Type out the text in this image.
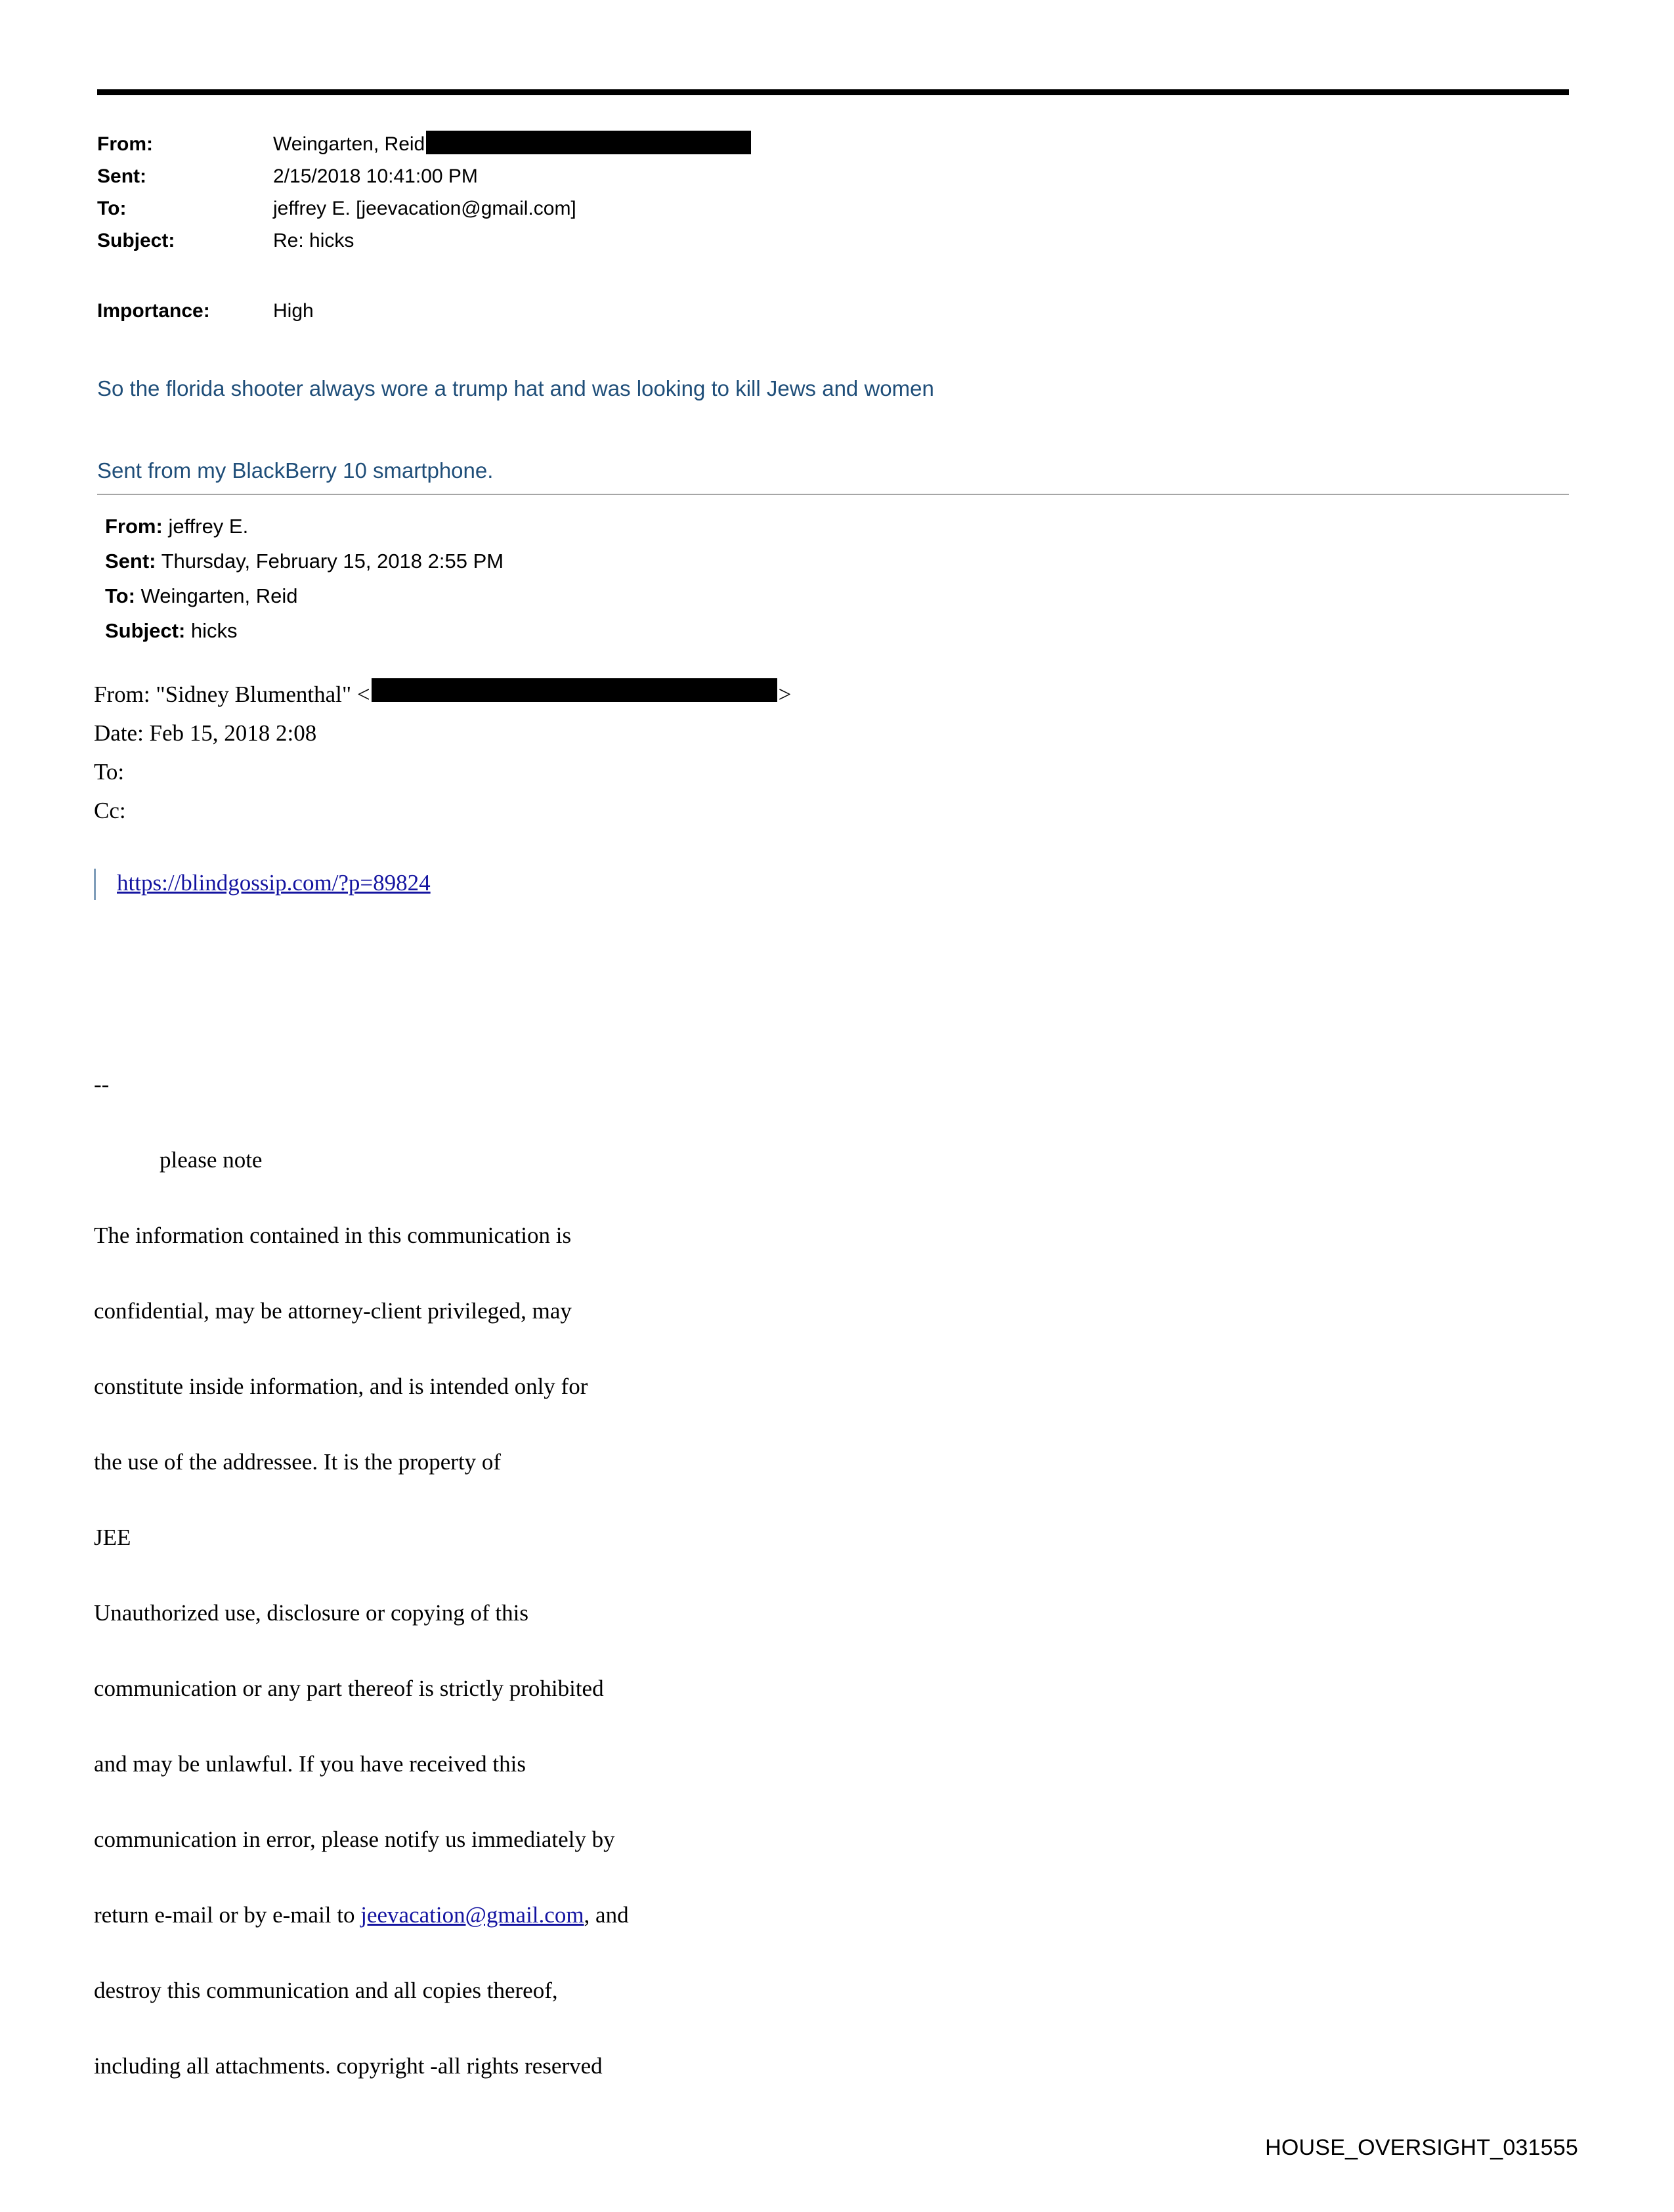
From:	Weingarten, Reid
Sent:	2/15/2018 10:41:00 PM
To:	jeffrey E. [jeevacation@gmail.com]
Subject:	Re: hicks
Importance:	High
So the florida shooter always wore a trump hat and was looking to kill Jews and women
Sent from my BlackBerry 10 smartphone.
From: jeffrey E.
Sent: Thursday, February 15, 2018 2:55 PM
To: Weingarten, Reid
Subject: hicks
From: "Sidney Blumenthal" <	>
Date: Feb 15, 2018 2:08
To:
Cc:
https://blindgossip.com/?p=89824

--

please note

The information contained in this communication is

confidential, may be attorney-client privileged, may

constitute inside information, and is intended only for

the use of the addressee. It is the property of

JEE

Unauthorized use, disclosure or copying of this

communication or any part thereof is strictly prohibited

and may be unlawful. If you have received this

communication in error, please notify us immediately by

return e-mail or by e-mail to jeevacation@gmail.com, and

destroy this communication and all copies thereof,

including all attachments. copyright -all rights reserved

HOUSE_OVERSIGHT_031555
